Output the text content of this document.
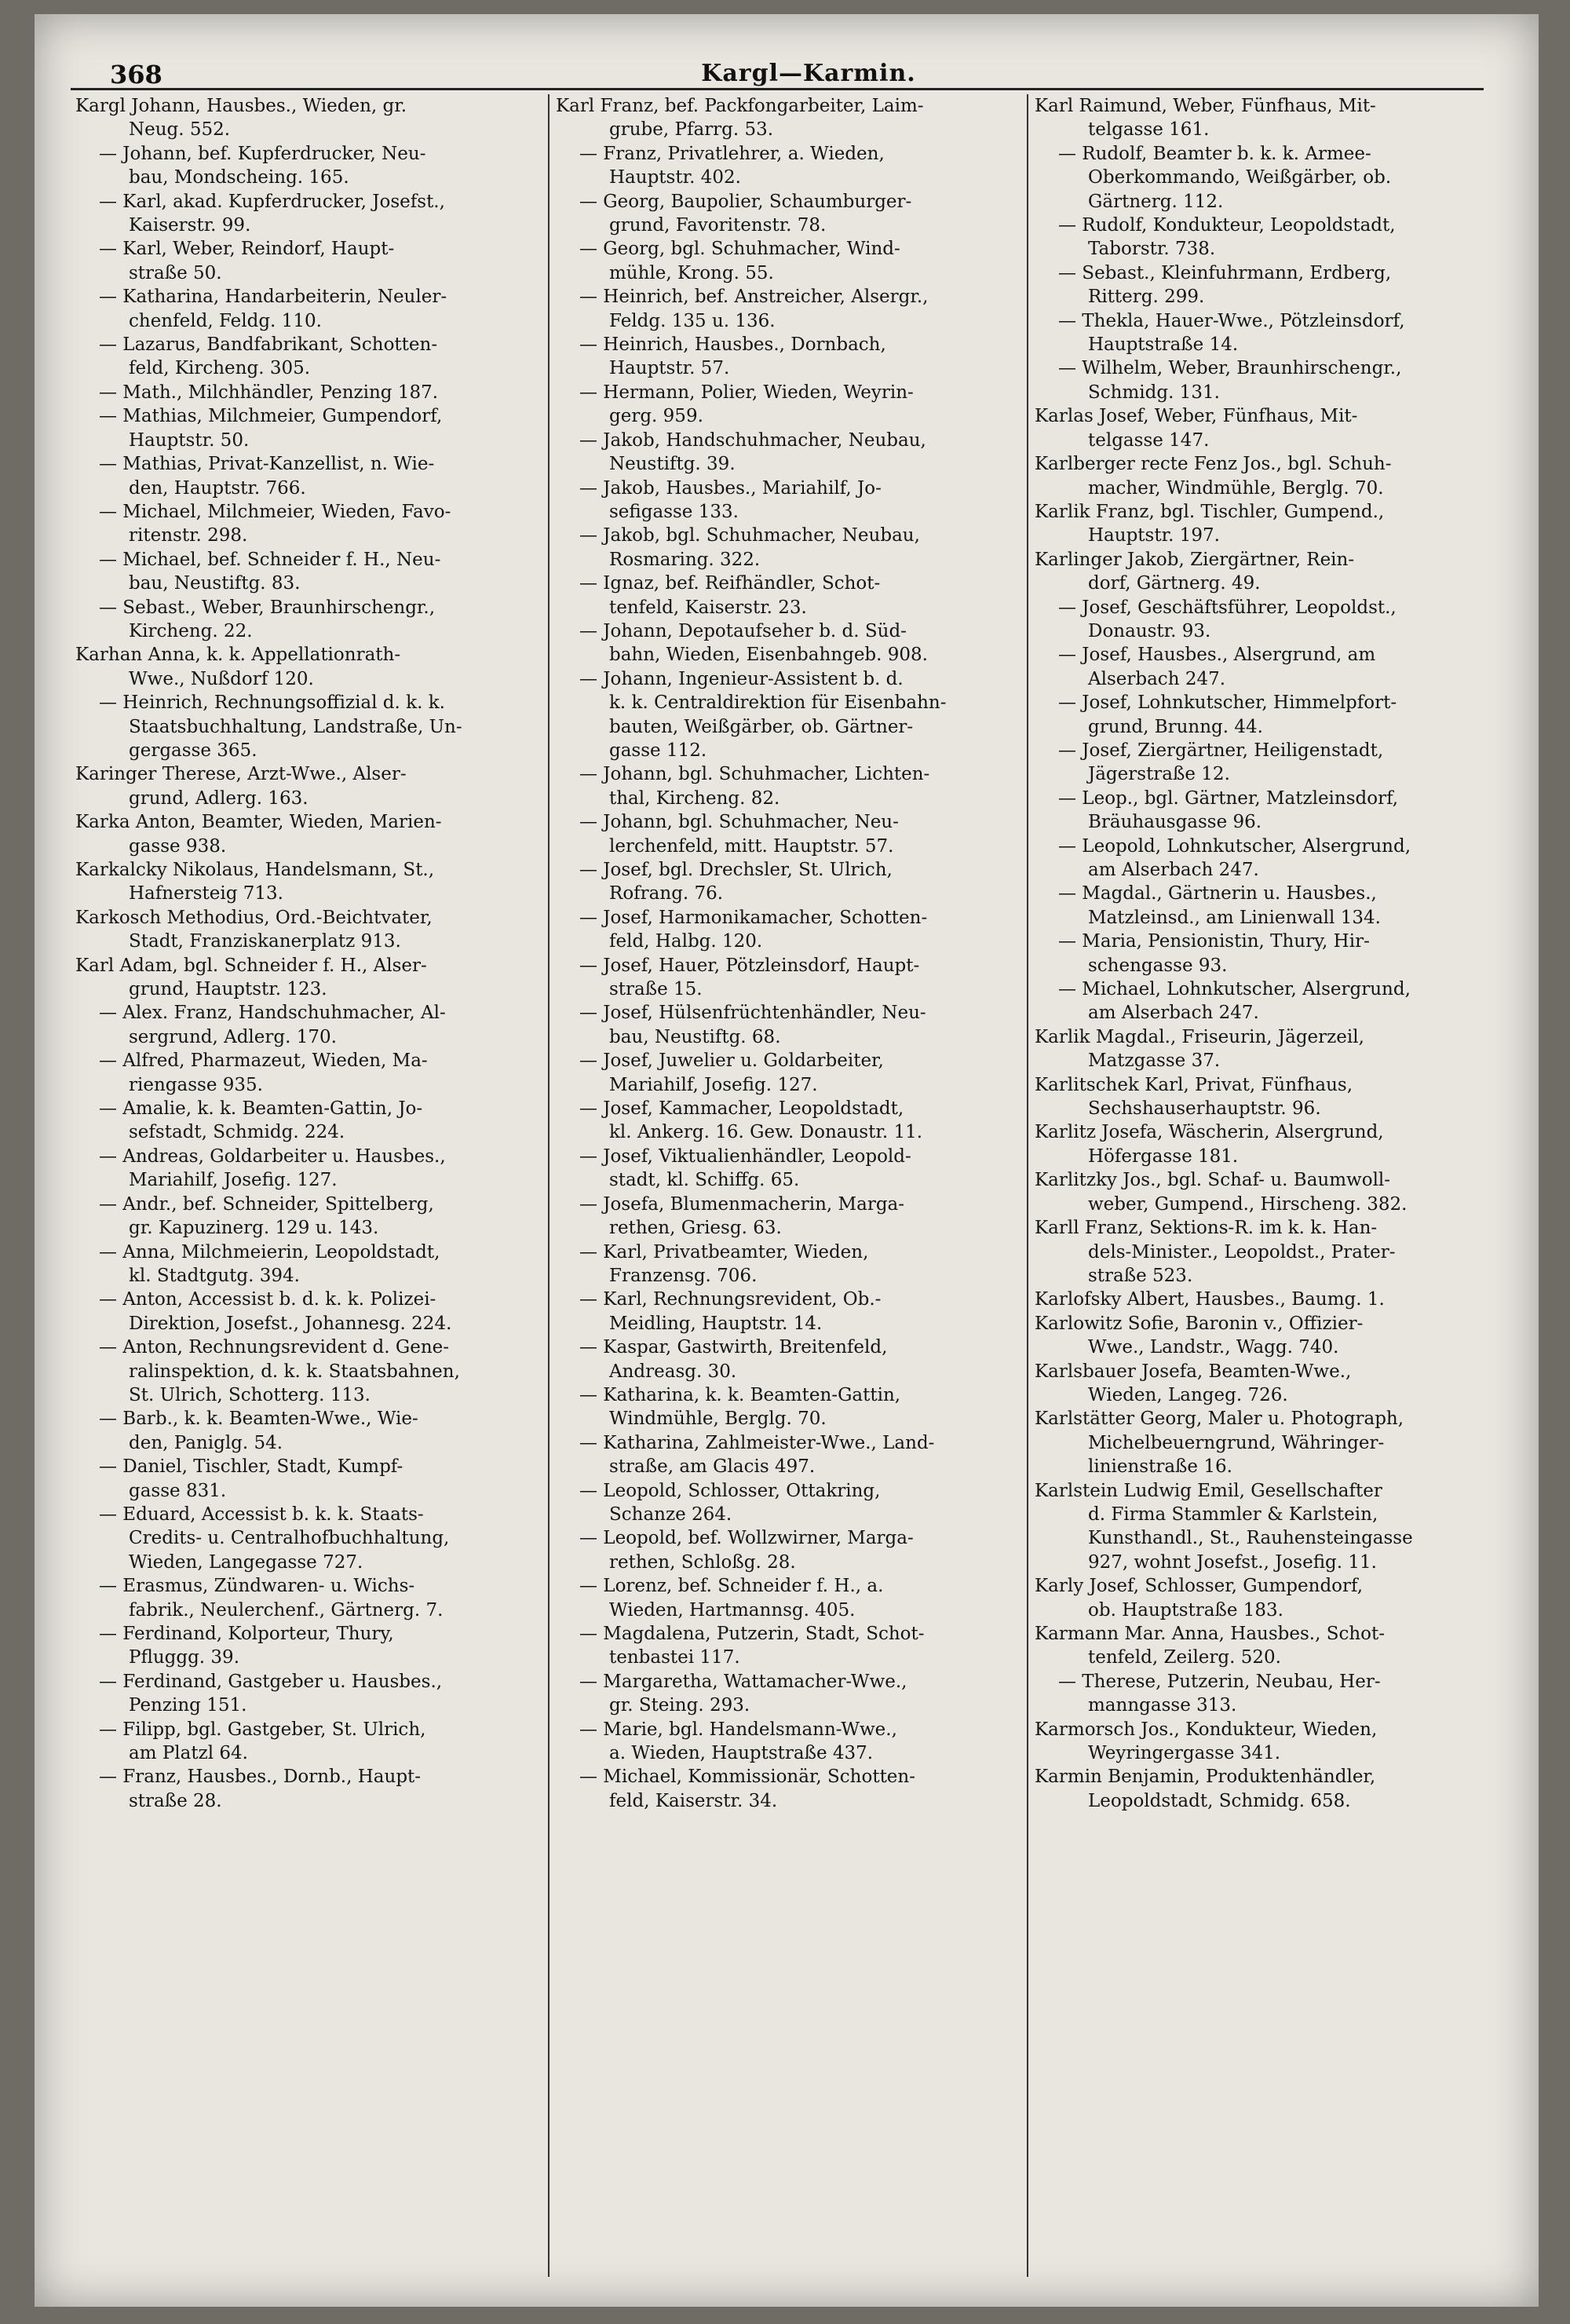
368	Kargl—Karmin.

Kargl Johann, Hausbes., Wieden, gr.

Neug. 552.

— Johann, bef. Kupferdrucker, Neu-

bau, Mondscheing. 165.

— Karl, akad. Kupferdrucker, Josefst.,

Kaiserstr. 99.

— Karl, Weber, Reindorf, Haupt-

straße 50.

— Katharina, Handarbeiterin, Neuler-

chenfeld, Feldg. 110.

— Lazarus, Bandfabrikant, Schotten-

feld, Kircheng. 305.

— Math., Milchhändler, Penzing 187.

— Mathias, Milchmeier, Gumpendorf,

Hauptstr. 50.

— Mathias, Privat-Kanzellist, n. Wie-

den, Hauptstr. 766.

— Michael, Milchmeier, Wieden, Favo-

ritenstr. 298.

— Michael, bef. Schneider f. H., Neu-

bau, Neustiftg. 83.

— Sebast., Weber, Braunhirschengr.,

Kircheng. 22.

Karhan Anna, k. k. Appellationrath-

Wwe., Nußdorf 120.

— Heinrich, Rechnungsoffizial d. k. k.

Staatsbuchhaltung, Landstraße, Un-

gergasse 365.

Karinger Therese, Arzt-Wwe., Alser-

grund, Adlerg. 163.

Karka Anton, Beamter, Wieden, Marien-

gasse 938.

Karkalcky Nikolaus, Handelsmann, St.,

Hafnersteig 713.

Karkosch Methodius, Ord.-Beichtvater,

Stadt, Franziskanerplatz 913.

Karl Adam, bgl. Schneider f. H., Alser-

grund, Hauptstr. 123.

— Alex. Franz, Handschuhmacher, Al-

sergrund, Adlerg. 170.

— Alfred, Pharmazeut, Wieden, Ma-

riengasse 935.

— Amalie, k. k. Beamten-Gattin, Jo-

sefstadt, Schmidg. 224.

— Andreas, Goldarbeiter u. Hausbes.,

Mariahilf, Josefig. 127.

— Andr., bef. Schneider, Spittelberg,

gr. Kapuzinerg. 129 u. 143.

— Anna, Milchmeierin, Leopoldstadt,

kl. Stadtgutg. 394.

— Anton, Accessist b. d. k. k. Polizei-

Direktion, Josefst., Johannesg. 224.

— Anton, Rechnungsrevident d. Gene-

ralinspektion, d. k. k. Staatsbahnen,

St. Ulrich, Schotterg. 113.

— Barb., k. k. Beamten-Wwe., Wie-

den, Paniglg. 54.

— Daniel, Tischler, Stadt, Kumpf-

gasse 831.

— Eduard, Accessist b. k. k. Staats-

Credits- u. Centralhofbuchhaltung,

Wieden, Langegasse 727.

— Erasmus, Zündwaren- u. Wichs-

fabrik., Neulerchenf., Gärtnerg. 7.

— Ferdinand, Kolporteur, Thury,

Pfluggg. 39.

— Ferdinand, Gastgeber u. Hausbes.,

Penzing 151.

— Filipp, bgl. Gastgeber, St. Ulrich,

am Platzl 64.

— Franz, Hausbes., Dornb., Haupt-

straße 28.

Karl Franz, bef. Packfongarbeiter, Laim-

grube, Pfarrg. 53.

— Franz, Privatlehrer, a. Wieden,

Hauptstr. 402.

— Georg, Baupolier, Schaumburger-

grund, Favoritenstr. 78.

— Georg, bgl. Schuhmacher, Wind-

mühle, Krong. 55.

— Heinrich, bef. Anstreicher, Alsergr.,

Feldg. 135 u. 136.

— Heinrich, Hausbes., Dornbach,

Hauptstr. 57.

— Hermann, Polier, Wieden, Weyrin-

gerg. 959.

— Jakob, Handschuhmacher, Neubau,

Neustiftg. 39.

— Jakob, Hausbes., Mariahilf, Jo-

sefigasse 133.

— Jakob, bgl. Schuhmacher, Neubau,

Rosmaring. 322.

— Ignaz, bef. Reifhändler, Schot-

tenfeld, Kaiserstr. 23.

— Johann, Depotaufseher b. d. Süd-

bahn, Wieden, Eisenbahngeb. 908.

— Johann, Ingenieur-Assistent b. d.

k. k. Centraldirektion für Eisenbahn-

bauten, Weißgärber, ob. Gärtner-

gasse 112.

— Johann, bgl. Schuhmacher, Lichten-

thal, Kircheng. 82.

— Johann, bgl. Schuhmacher, Neu-

lerchenfeld, mitt. Hauptstr. 57.

— Josef, bgl. Drechsler, St. Ulrich,

Rofrang. 76.

— Josef, Harmonikamacher, Schotten-

feld, Halbg. 120.

— Josef, Hauer, Pötzleinsdorf, Haupt-

straße 15.

— Josef, Hülsenfrüchtenhändler, Neu-

bau, Neustiftg. 68.

— Josef, Juwelier u. Goldarbeiter,

Mariahilf, Josefig. 127.

— Josef, Kammacher, Leopoldstadt,

kl. Ankerg. 16. Gew. Donaustr. 11.

— Josef, Viktualienhändler, Leopold-

stadt, kl. Schiffg. 65.

— Josefa, Blumenmacherin, Marga-

rethen, Griesg. 63.

— Karl, Privatbeamter, Wieden,

Franzensg. 706.

— Karl, Rechnungsrevident, Ob.-

Meidling, Hauptstr. 14.

— Kaspar, Gastwirth, Breitenfeld,

Andreasg. 30.

— Katharina, k. k. Beamten-Gattin,

Windmühle, Berglg. 70.

— Katharina, Zahlmeister-Wwe., Land-

straße, am Glacis 497.

— Leopold, Schlosser, Ottakring,

Schanze 264.

— Leopold, bef. Wollzwirner, Marga-

rethen, Schloßg. 28.

— Lorenz, bef. Schneider f. H., a.

Wieden, Hartmannsg. 405.

— Magdalena, Putzerin, Stadt, Schot-

tenbastei 117.

— Margaretha, Wattamacher-Wwe.,

gr. Steing. 293.

— Marie, bgl. Handelsmann-Wwe.,

a. Wieden, Hauptstraße 437.

— Michael, Kommissionär, Schotten-

feld, Kaiserstr. 34.

Karl Raimund, Weber, Fünfhaus, Mit-

telgasse 161.

— Rudolf, Beamter b. k. k. Armee-

Oberkommando, Weißgärber, ob.

Gärtnerg. 112.

— Rudolf, Kondukteur, Leopoldstadt,

Taborstr. 738.

— Sebast., Kleinfuhrmann, Erdberg,

Ritterg. 299.

— Thekla, Hauer-Wwe., Pötzleinsdorf,

Hauptstraße 14.

— Wilhelm, Weber, Braunhirschengr.,

Schmidg. 131.

Karlas Josef, Weber, Fünfhaus, Mit-

telgasse 147.

Karlberger recte Fenz Jos., bgl. Schuh-

macher, Windmühle, Berglg. 70.

Karlik Franz, bgl. Tischler, Gumpend.,

Hauptstr. 197.

Karlinger Jakob, Ziergärtner, Rein-

dorf, Gärtnerg. 49.

— Josef, Geschäftsführer, Leopoldst.,

Donaustr. 93.

— Josef, Hausbes., Alsergrund, am

Alserbach 247.

— Josef, Lohnkutscher, Himmelpfort-

grund, Brunng. 44.

— Josef, Ziergärtner, Heiligenstadt,

Jägerstraße 12.

— Leop., bgl. Gärtner, Matzleinsdorf,

Bräuhausgasse 96.

— Leopold, Lohnkutscher, Alsergrund,

am Alserbach 247.

— Magdal., Gärtnerin u. Hausbes.,

Matzleinsd., am Linienwall 134.

— Maria, Pensionistin, Thury, Hir-

schengasse 93.

— Michael, Lohnkutscher, Alsergrund,

am Alserbach 247.

Karlik Magdal., Friseurin, Jägerzeil,

Matzgasse 37.

Karlitschek Karl, Privat, Fünfhaus,

Sechshauserhauptstr. 96.

Karlitz Josefa, Wäscherin, Alsergrund,

Höfergasse 181.

Karlitzky Jos., bgl. Schaf- u. Baumwoll-

weber, Gumpend., Hirscheng. 382.

Karll Franz, Sektions-R. im k. k. Han-

dels-Minister., Leopoldst., Prater-

straße 523.

Karlofsky Albert, Hausbes., Baumg. 1.

Karlowitz Sofie, Baronin v., Offizier-

Wwe., Landstr., Wagg. 740.

Karlsbauer Josefa, Beamten-Wwe.,

Wieden, Langeg. 726.

Karlstätter Georg, Maler u. Photograph,

Michelbeuerngrund, Währinger-

linienstraße 16.

Karlstein Ludwig Emil, Gesellschafter

d. Firma Stammler & Karlstein,

Kunsthandl., St., Rauhensteingasse

927, wohnt Josefst., Josefig. 11.

Karly Josef, Schlosser, Gumpendorf,

ob. Hauptstraße 183.

Karmann Mar. Anna, Hausbes., Schot-

tenfeld, Zeilerg. 520.

— Therese, Putzerin, Neubau, Her-

manngasse 313.

Karmorsch Jos., Kondukteur, Wieden,

Weyringergasse 341.

Karmin Benjamin, Produktenhändler,

Leopoldstadt, Schmidg. 658.
